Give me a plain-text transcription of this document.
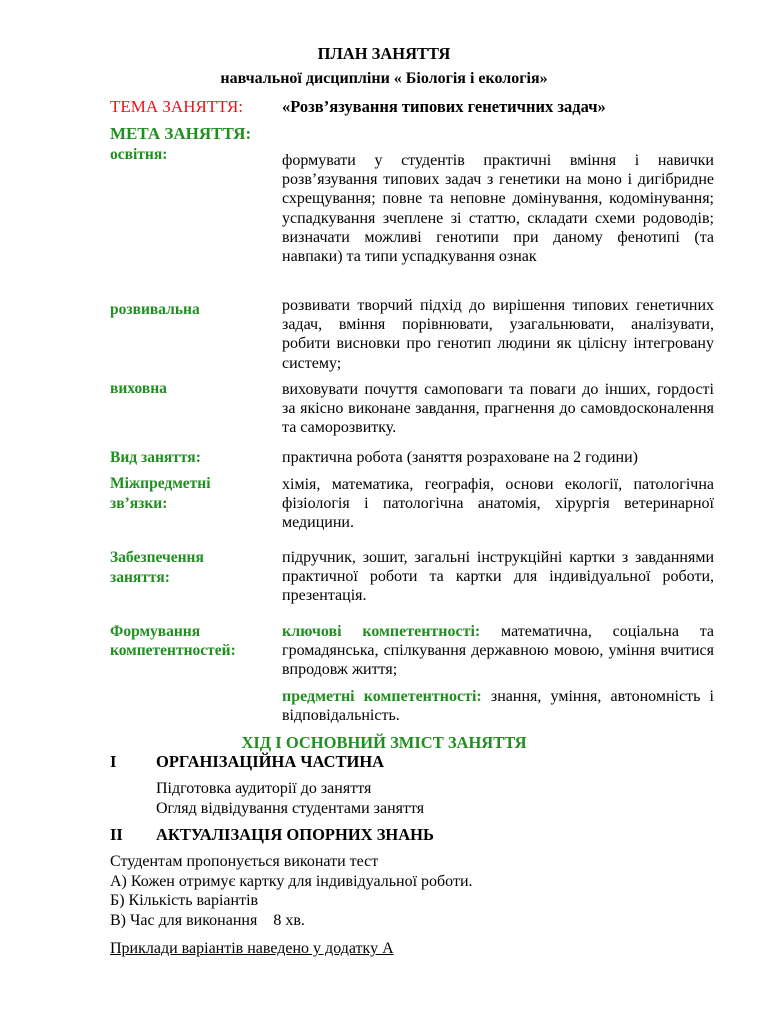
ПЛАН ЗАНЯТТЯ
навчальної дисципліни « Біологія і екологія»
ТЕМА ЗАНЯТТЯ: «Розв’язування типових генетичних задач»
МЕТА ЗАНЯТТЯ:
освітня:	формувати у студентів практичні вміння і навички розв’язування типових задач з генетики на моно і дигібридне схрещування; повне та неповне домінування, кодомінування; успадкування зчеплене зі статтю, складати схеми родоводів; визначати можливі генотипи при даному фенотипі (та навпаки) та типи успадкування ознак
розвивальна	розвивати творчий підхід до вирішення типових генетичних задач, вміння порівнювати, узагальнювати, аналізувати, робити висновки про генотип людини як цілісну інтегровану систему;
виховна	виховувати почуття самоповаги та поваги до інших, гордості за якісно виконане завдання, прагнення до самовдосконалення та саморозвитку.
Вид заняття:	практична робота (заняття розраховане на 2 години)
Міжпредметні
зв’язки:
хімія, математика, географія, основи екології, патологічна фізіологія і патологічна анатомія, хірургія ветеринарної медицини.
Забезпечення
заняття:
підручник, зошит, загальні інструкційні картки з завданнями практичної роботи та картки для індивідуальної роботи, презентація.
Формування
компетентностей:
ключові компетентності: математична, соціальна та громадянська, спілкування державною мовою, уміння вчитися впродовж життя;
предметні компетентності: знання, уміння, автономність і відповідальність.
ХІД І ОСНОВНИЙ ЗМІСТ ЗАНЯТТЯ
І ОРГАНІЗАЦІЙНА ЧАСТИНА
Підготовка аудиторії до заняття
Огляд відвідування студентами заняття
ІІ АКТУАЛІЗАЦІЯ ОПОРНИХ ЗНАНЬ
Студентам пропонується виконати тест
А) Кожен отримує картку для індивідуальної роботи.
Б) Кількість варіантів
В) Час для виконання    8 хв.
Приклади варіантів наведено у додатку А
